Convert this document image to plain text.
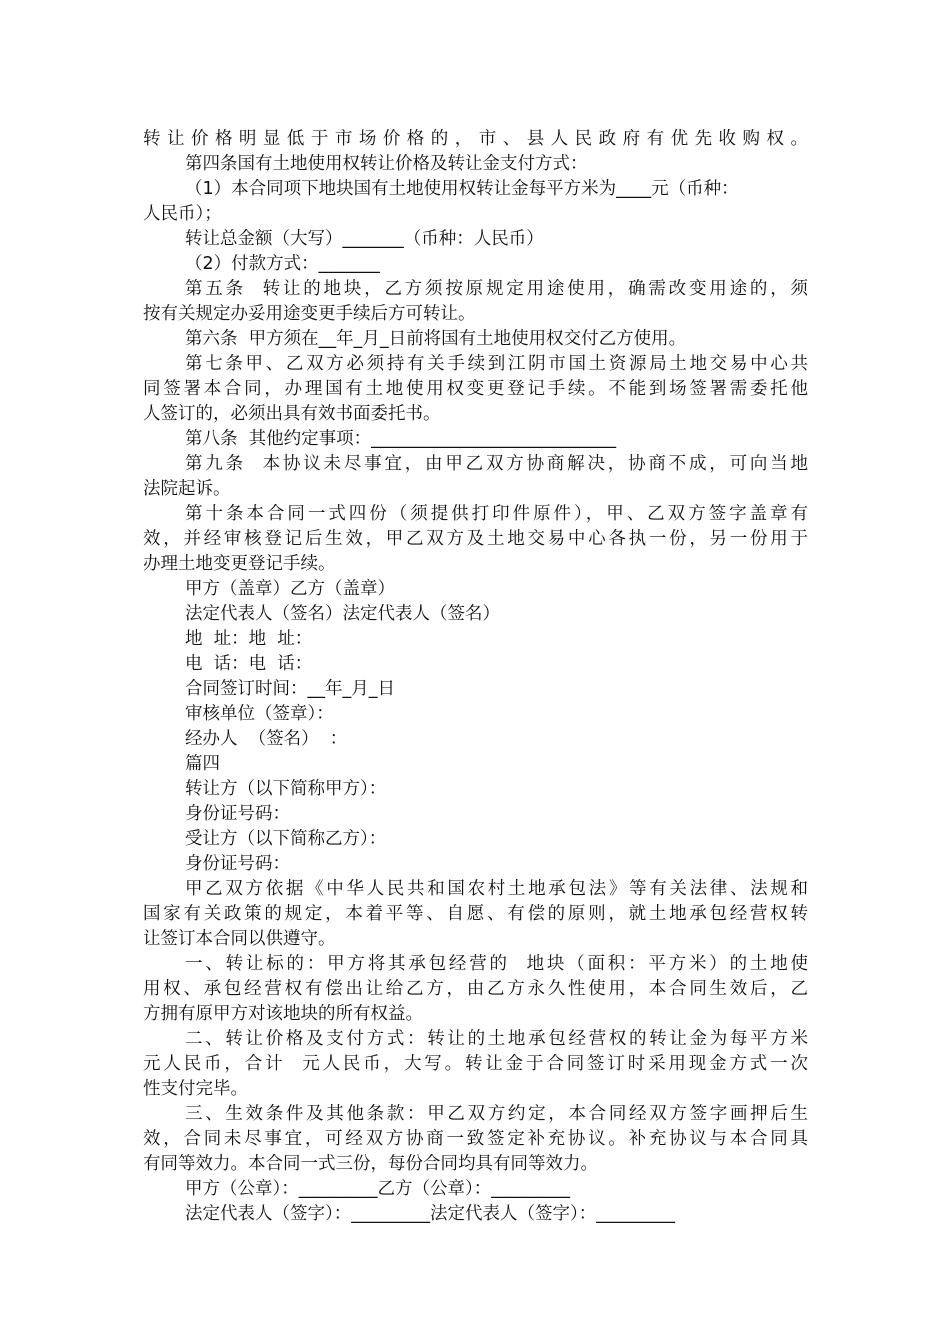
转让价格明显低于市场价格的，市、县人民政府有优先收购权。
第四条国有土地使用权转让价格及转让金支付方式：
（1）本合同项下地块国有土地使用权转让金每平方米为____元（币种：
人民币）；
转让总金额（大写）_______（币种：人民币）
（2）付款方式：_______
第五条  转让的地块，乙方须按原规定用途使用，确需改变用途的，须
按有关规定办妥用途变更手续后方可转让。
第六条  甲方须在__年_月_日前将国有土地使用权交付乙方使用。
第七条甲、乙双方必须持有关手续到江阴市国土资源局土地交易中心共
同签署本合同，办理国有土地使用权变更登记手续。不能到场签署需委托他
人签订的，必须出具有效书面委托书。
第八条  其他约定事项：____________________________
第九条  本协议未尽事宜，由甲乙双方协商解决，协商不成，可向当地
法院起诉。
第十条本合同一式四份（须提供打印件原件），甲、乙双方签字盖章有
效，并经审核登记后生效，甲乙双方及土地交易中心各执一份，另一份用于
办理土地变更登记手续。
甲方（盖章）乙方（盖章）
法定代表人（签名）法定代表人（签名）
地  址：地  址：
电  话：电  话：
合同签订时间：__年_月_日
审核单位（签章）：
经办人  （签名）  ：
篇四
转让方（以下简称甲方）：
身份证号码：
受让方（以下简称乙方）：
身份证号码：
甲乙双方依据《中华人民共和国农村土地承包法》等有关法律、法规和
国家有关政策的规定，本着平等、自愿、有偿的原则，就土地承包经营权转
让签订本合同以供遵守。
一、转让标的：甲方将其承包经营的  地块（面积：平方米）的土地使
用权、承包经营权有偿出让给乙方，由乙方永久性使用，本合同生效后，乙
方拥有原甲方对该地块的所有权益。
二、转让价格及支付方式：转让的土地承包经营权的转让金为每平方米
元人民币，合计  元人民币，大写。转让金于合同签订时采用现金方式一次
性支付完毕。
三、生效条件及其他条款：甲乙双方约定，本合同经双方签字画押后生
效，合同未尽事宜，可经双方协商一致签定补充协议。补充协议与本合同具
有同等效力。本合同一式三份，每份合同均具有同等效力。
甲方（公章）：_________乙方（公章）：_________
法定代表人（签字）：_________法定代表人（签字）：_________
